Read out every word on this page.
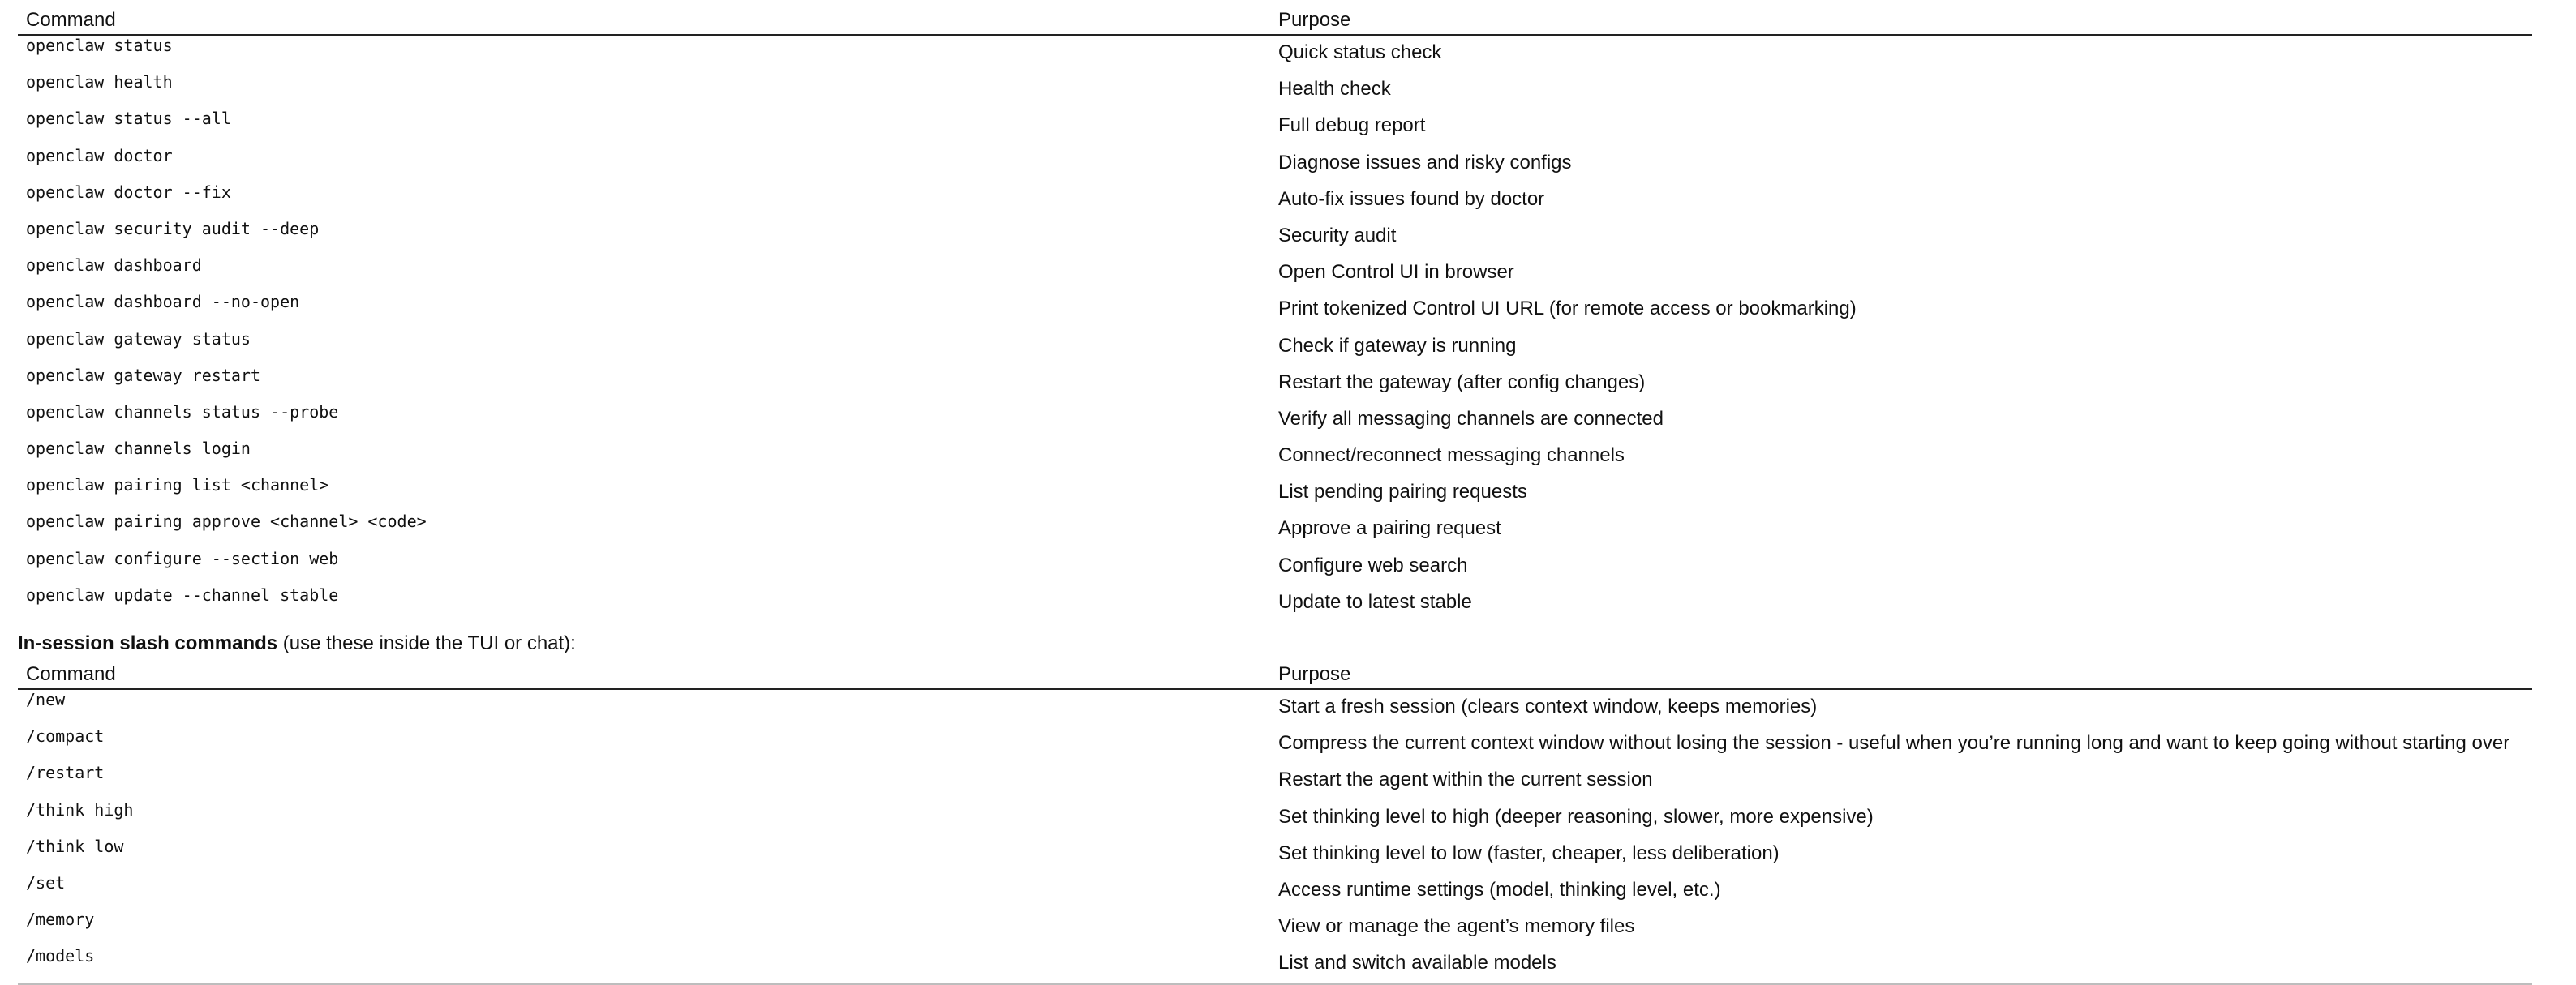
Command	Purpose
openclaw status	Quick status check
openclaw health	Health check
openclaw status --all	Full debug report
openclaw doctor	Diagnose issues and risky configs
openclaw doctor --fix	Auto-fix issues found by doctor
openclaw security audit --deep	Security audit
openclaw dashboard	Open Control UI in browser
openclaw dashboard --no-open	Print tokenized Control UI URL (for remote access or bookmarking)
openclaw gateway status	Check if gateway is running
openclaw gateway restart	Restart the gateway (after config changes)
openclaw channels status --probe	Verify all messaging channels are connected
openclaw channels login	Connect/reconnect messaging channels
openclaw pairing list <channel>	List pending pairing requests
openclaw pairing approve <channel> <code>	Approve a pairing request
openclaw configure --section web	Configure web search
openclaw update --channel stable	Update to latest stable

In-session slash commands (use these inside the TUI or chat):

Command	Purpose
/new	Start a fresh session (clears context window, keeps memories)
/compact	Compress the current context window without losing the session - useful when you’re running long and want to keep going without starting over
/restart	Restart the agent within the current session
/think high	Set thinking level to high (deeper reasoning, slower, more expensive)
/think low	Set thinking level to low (faster, cheaper, less deliberation)
/set	Access runtime settings (model, thinking level, etc.)
/memory	View or manage the agent’s memory files
/models	List and switch available models
